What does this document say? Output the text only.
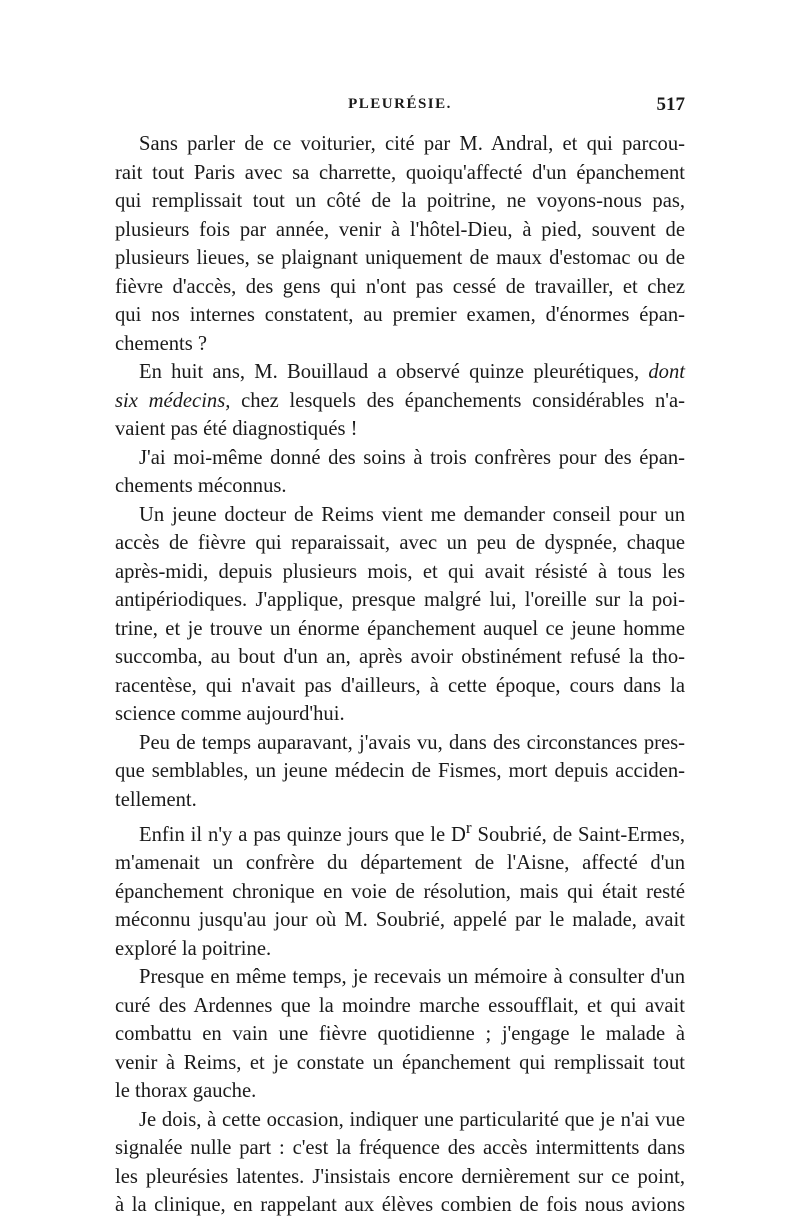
PLEURÉSIE.	517

Sans parler de ce voiturier, cité par M. Andral, et qui parcou-
rait tout Paris avec sa charrette, quoiqu'affecté d'un épanchement
qui remplissait tout un côté de la poitrine, ne voyons-nous pas,
plusieurs fois par année, venir à l'hôtel-Dieu, à pied, souvent de
plusieurs lieues, se plaignant uniquement de maux d'estomac ou de
fièvre d'accès, des gens qui n'ont pas cessé de travailler, et chez
qui nos internes constatent, au premier examen, d'énormes épan-
chements ?

En huit ans, M. Bouillaud a observé quinze pleurétiques, dont
six médecins, chez lesquels des épanchements considérables n'a-
vaient pas été diagnostiqués !

J'ai moi-même donné des soins à trois confrères pour des épan-
chements méconnus.

Un jeune docteur de Reims vient me demander conseil pour un
accès de fièvre qui reparaissait, avec un peu de dyspnée, chaque
après-midi, depuis plusieurs mois, et qui avait résisté à tous les
antipériodiques. J'applique, presque malgré lui, l'oreille sur la poi-
trine, et je trouve un énorme épanchement auquel ce jeune homme
succomba, au bout d'un an, après avoir obstinément refusé la tho-
racentèse, qui n'avait pas d'ailleurs, à cette époque, cours dans la
science comme aujourd'hui.

Peu de temps auparavant, j'avais vu, dans des circonstances pres-
que semblables, un jeune médecin de Fismes, mort depuis acciden-
tellement.

Enfin il n'y a pas quinze jours que le $D^r$ Soubrié, de Saint-Ermes,
m'amenait un confrère du département de l'Aisne, affecté d'un
épanchement chronique en voie de résolution, mais qui était resté
méconnu jusqu'au jour où M. Soubrié, appelé par le malade, avait
exploré la poitrine.

Presque en même temps, je recevais un mémoire à consulter d'un
curé des Ardennes que la moindre marche essoufflait, et qui avait
combattu en vain une fièvre quotidienne ; j'engage le malade à
venir à Reims, et je constate un épanchement qui remplissait tout
le thorax gauche.

Je dois, à cette occasion, indiquer une particularité que je n'ai vue
signalée nulle part : c'est la fréquence des accès intermittents dans
les pleurésies latentes. J'insistais encore dernièrement sur ce point,
à la clinique, en rappelant aux élèves combien de fois nous avions
